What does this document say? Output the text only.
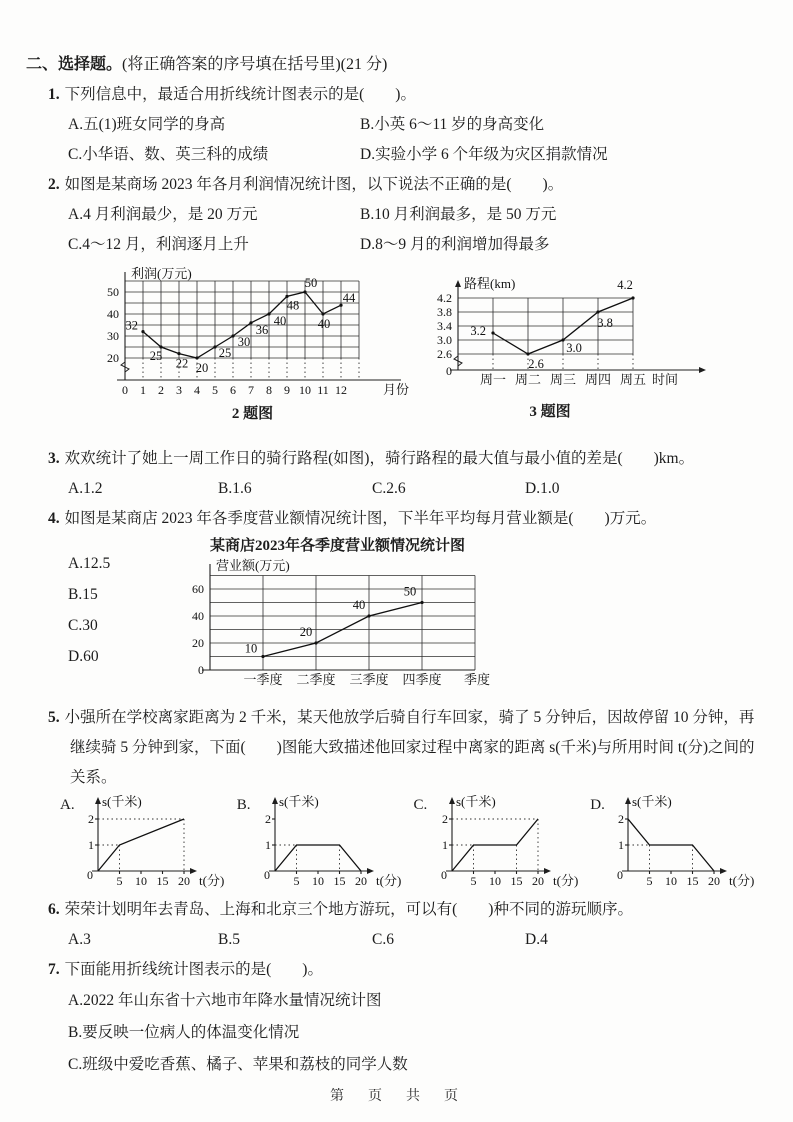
二、选择题。(将正确答案的序号填在括号里)(21 分)
1. 下列信息中，最适合用折线统计图表示的是(　　)。
A.五(1)班女同学的身高	B.小英 6～11 岁的身高变化
C.小华语、数、英三科的成绩	D.实验小学 6 个年级为灾区捐款情况
2. 如图是某商场 2023 年各月利润情况统计图，以下说法不正确的是(　　)。
A.4 月利润最少，是 20 万元	B.10 月利润最多，是 50 万元
C.4～12 月，利润逐月上升	D.8～9 月的利润增加得最多
20
30
40
50
0 1 2 3 4 5 6 7 8 9 10 11 12	月份
利润(万元)
32
25
22 20
25
30
36
40
48
50
40
44
2 题图
4.2
3.8
3.4
3.0
2.6
0
周一 周二 周三 周四 周五 时间
路程(km)
3.2
2.6
3.0
3.8
4.2
3 题图
3. 欢欢统计了她上一周工作日的骑行路程(如图)，骑行路程的最大值与最小值的差是(　　)km。
A.1.2	B.1.6	C.2.6	D.1.0
4. 如图是某商店 2023 年各季度营业额情况统计图，下半年平均每月营业额是(　　)万元。
A.12.5
B.15
C.30
D.60
某商店2023年各季度营业额情况统计图
0
20
40
60
一季度 二季度 三季度 四季度 季度
营业额(万元)
10
20
40
50
5. 小强所在学校离家距离为 2 千米，某天他放学后骑自行车回家，骑了 5 分钟后，因故停留 10 分钟，再继续骑 5 分钟到家，下面(　　)图能大致描述他回家过程中离家的距离 s(千米)与所用时间 t(分)之间的关系。
A.
5 10 15 20
1
2
0
s(千米)
t(分)
B.
5 10 15 20
1
2
0
s(千米)
t(分)
C.
5 10 15 20
1
2
0
s(千米)
t(分)
D.
5 10 15 20
1
2
0
s(千米)
t(分)
6. 荣荣计划明年去青岛、上海和北京三个地方游玩，可以有(　　)种不同的游玩顺序。
A.3	B.5	C.6	D.4
7. 下面能用折线统计图表示的是(　　)。
A.2022 年山东省十六地市年降水量情况统计图
B.要反映一位病人的体温变化情况
C.班级中爱吃香蕉、橘子、苹果和荔枝的同学人数
第　页　共　页
